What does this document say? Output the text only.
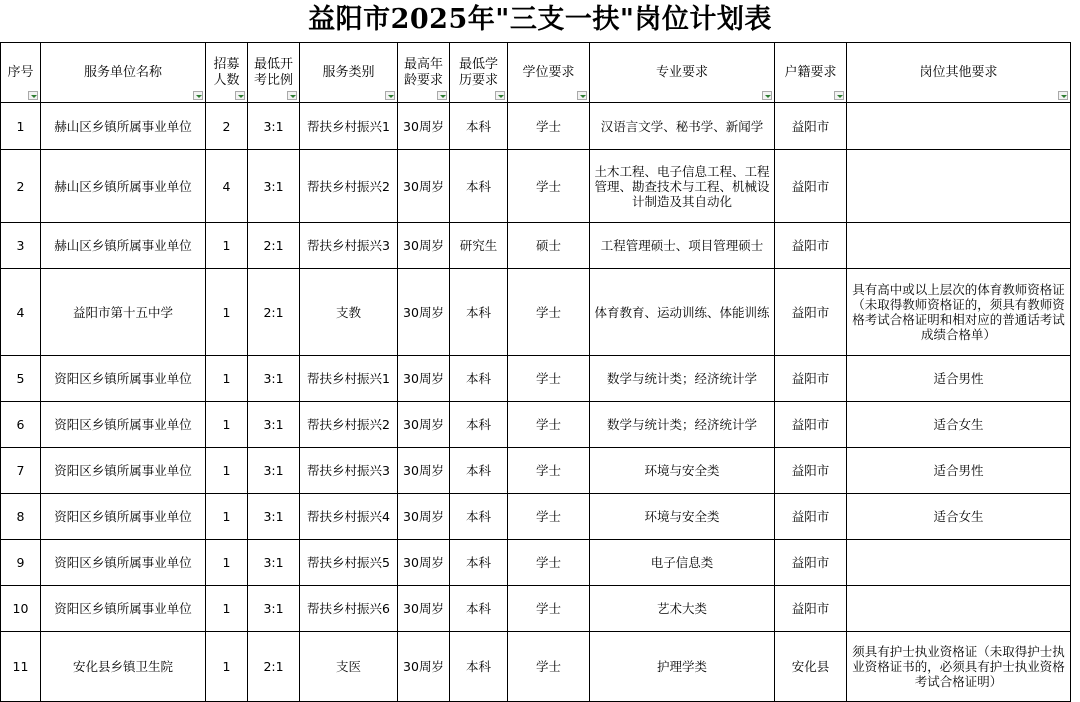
益阳市2025年"三支一扶"岗位计划表
序号	服务单位名称	招募人数	最低开考比例	服务类别	最高年龄要求	最低学历要求	学位要求	专业要求	户籍要求	岗位其他要求

1	赫山区乡镇所属事业单位	2	3:1	帮扶乡村振兴1	30周岁	本科	学士	汉语言文学、秘书学、新闻学	益阳市	
2	赫山区乡镇所属事业单位	4	3:1	帮扶乡村振兴2	30周岁	本科	学士	土木工程、电子信息工程、工程管理、勘查技术与工程、机械设计制造及其自动化	益阳市	
3	赫山区乡镇所属事业单位	1	2:1	帮扶乡村振兴3	30周岁	研究生	硕士	工程管理硕士、项目管理硕士	益阳市	
4	益阳市第十五中学	1	2:1	支教	30周岁	本科	学士	体育教育、运动训练、体能训练	益阳市	具有高中或以上层次的体育教师资格证（未取得教师资格证的，须具有教师资格考试合格证明和相对应的普通话考试成绩合格单）
5	资阳区乡镇所属事业单位	1	3:1	帮扶乡村振兴1	30周岁	本科	学士	数学与统计类；经济统计学	益阳市	适合男性
6	资阳区乡镇所属事业单位	1	3:1	帮扶乡村振兴2	30周岁	本科	学士	数学与统计类；经济统计学	益阳市	适合女生
7	资阳区乡镇所属事业单位	1	3:1	帮扶乡村振兴3	30周岁	本科	学士	环境与安全类	益阳市	适合男性
8	资阳区乡镇所属事业单位	1	3:1	帮扶乡村振兴4	30周岁	本科	学士	环境与安全类	益阳市	适合女生
9	资阳区乡镇所属事业单位	1	3:1	帮扶乡村振兴5	30周岁	本科	学士	电子信息类	益阳市	
10	资阳区乡镇所属事业单位	1	3:1	帮扶乡村振兴6	30周岁	本科	学士	艺术大类	益阳市	
11	安化县乡镇卫生院	1	2:1	支医	30周岁	本科	学士	护理学类	安化县	须具有护士执业资格证（未取得护士执业资格证书的，必须具有护士执业资格考试合格证明）
